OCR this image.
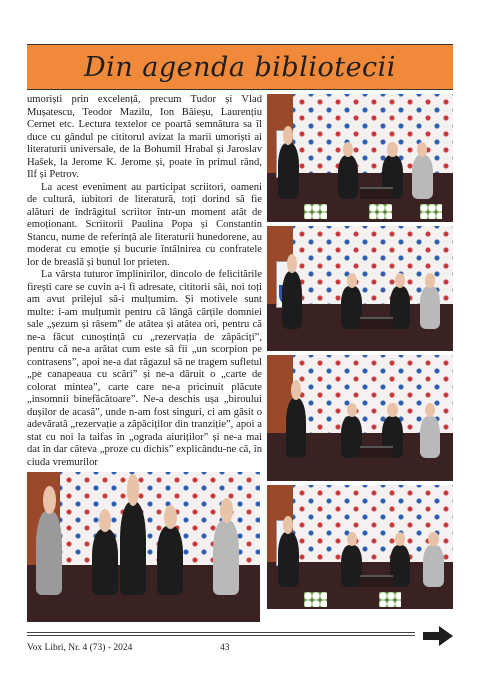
Din agenda bibliotecii

umoriști prin excelență, precum Tudor și Vlad Mușatescu, Teodor Mazilu, Ion Băieșu, Laurențiu Cernet etc. Lectura textelor ce poartă semnătura sa îl duce cu gândul pe cititorul avizat la marii umoriști ai literaturii universale, de la Bohumil Hrabal și Jaroslav Hašek, la Jerome K. Jerome și, poate în primul rând, Ilf și Petrov.

La acest eveniment au participat scriitori, oameni de cultură, iubitori de literatură, toți dorind să fie alături de îndrăgitul scriitor într-un moment atât de emoționant. Scriitorii Paulina Popa și Constantin Stancu, nume de referință ale literaturii hunedorene, au moderat cu emoție și bucurie întâlnirea cu confratele lor de breaslă și bunul lor prieten.

La vârsta tuturor împlinirilor, dincolo de felicitările firești care se cuvin a-i fi adresate, cititorii săi, noi toți am avut prilejul să-i mulțumim. Și motivele sunt multe: i-am mulțumit pentru că lângă cărțile domniei sale „șezum și râsem” de atâtea și atâtea ori, pentru că ne-a făcut cunoștință cu „rezervația de zăpăciți”, pentru că ne-a arătat cum este să fii „un scorpion pe contrasens”, apoi ne-a dat răgazul să ne tragem sufletul „pe canapeaua cu scări” și ne-a dăruit o „carte de colorat mintea”, carte care ne-a pricinuit plăcute „insomnii binefăcătoare”. Ne-a deschis ușa „biroului dușilor de acasă”, unde n-am fost singuri, ci am găsit o adevărată „rezervație a zăpăciților din tranziție”, apoi a stat cu noi la taifas în „ograda aiuriților” și ne-a mai dat în dar câteva „proze cu dichis” explicându-ne că, în ciuda vremurilor

Vox Libri, Nr. 4 (73) - 2024	43
